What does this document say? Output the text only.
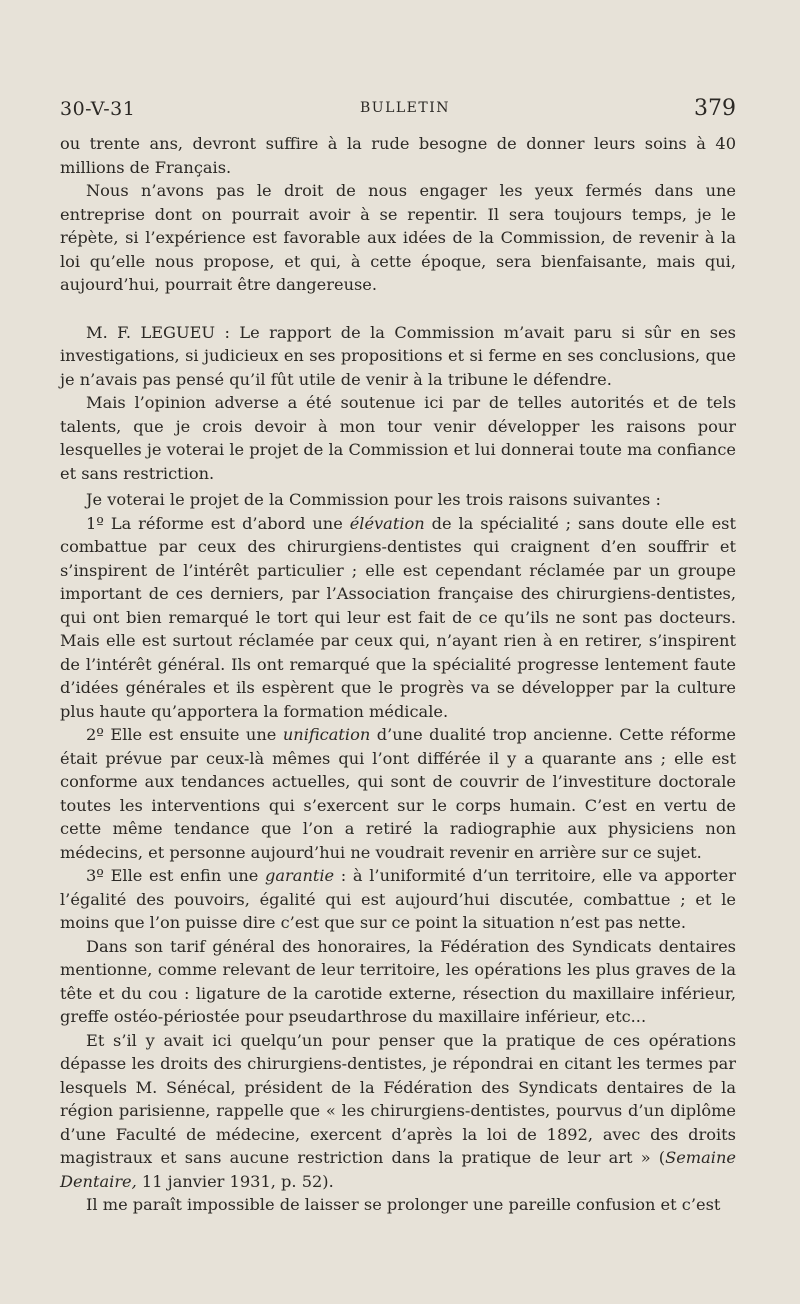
30-V-31	BULLETIN	379

ou trente ans, devront suffire à la rude besogne de donner leurs soins à 40 millions de Français.

Nous n’avons pas le droit de nous engager les yeux fermés dans une entreprise dont on pourrait avoir à se repentir. Il sera toujours temps, je le répète, si l’expérience est favorable aux idées de la Commission, de revenir à la loi qu’elle nous propose, et qui, à cette époque, sera bienfaisante, mais qui, aujourd’hui, pourrait être dangereuse.

M. F. LEGUEU : Le rapport de la Commission m’avait paru si sûr en ses investigations, si judicieux en ses propositions et si ferme en ses conclusions, que je n’avais pas pensé qu’il fût utile de venir à la tribune le défendre.

Mais l’opinion adverse a été soutenue ici par de telles autorités et de tels talents, que je crois devoir à mon tour venir développer les raisons pour lesquelles je voterai le projet de la Commission et lui donnerai toute ma confiance et sans restriction.

Je voterai le projet de la Commission pour les trois raisons suivantes :

1º La réforme est d’abord une élévation de la spécialité ; sans doute elle est combattue par ceux des chirurgiens-dentistes qui craignent d’en souffrir et s’inspirent de l’intérêt particulier ; elle est cependant réclamée par un groupe important de ces derniers, par l’Association française des chirurgiens-dentistes, qui ont bien remarqué le tort qui leur est fait de ce qu’ils ne sont pas docteurs. Mais elle est surtout réclamée par ceux qui, n’ayant rien à en retirer, s’inspirent de l’intérêt général. Ils ont remarqué que la spécialité progresse lentement faute d’idées générales et ils espèrent que le progrès va se développer par la culture plus haute qu’apportera la formation médicale.

2º Elle est ensuite une unification d’une dualité trop ancienne. Cette réforme était prévue par ceux-là mêmes qui l’ont différée il y a quarante ans ; elle est conforme aux tendances actuelles, qui sont de couvrir de l’investiture doctorale toutes les interventions qui s’exercent sur le corps humain. C’est en vertu de cette même tendance que l’on a retiré la radiographie aux physiciens non médecins, et personne aujourd’hui ne voudrait revenir en arrière sur ce sujet.

3º Elle est enfin une garantie : à l’uniformité d’un territoire, elle va apporter l’égalité des pouvoirs, égalité qui est aujourd’hui discutée, combattue ; et le moins que l’on puisse dire c’est que sur ce point la situation n’est pas nette.

Dans son tarif général des honoraires, la Fédération des Syndicats dentaires mentionne, comme relevant de leur territoire, les opérations les plus graves de la tête et du cou : ligature de la carotide externe, résection du maxillaire inférieur, greffe ostéo-périostée pour pseudarthrose du maxillaire inférieur, etc...

Et s’il y avait ici quelqu’un pour penser que la pratique de ces opérations dépasse les droits des chirurgiens-dentistes, je répondrai en citant les termes par lesquels M. Sénécal, président de la Fédération des Syndicats dentaires de la région parisienne, rappelle que « les chirurgiens-dentistes, pourvus d’un diplôme d’une Faculté de médecine, exercent d’après la loi de 1892, avec des droits magistraux et sans aucune restriction dans la pratique de leur art » (Semaine Dentaire, 11 janvier 1931, p. 52).

Il me paraît impossible de laisser se prolonger une pareille confusion et c’est
